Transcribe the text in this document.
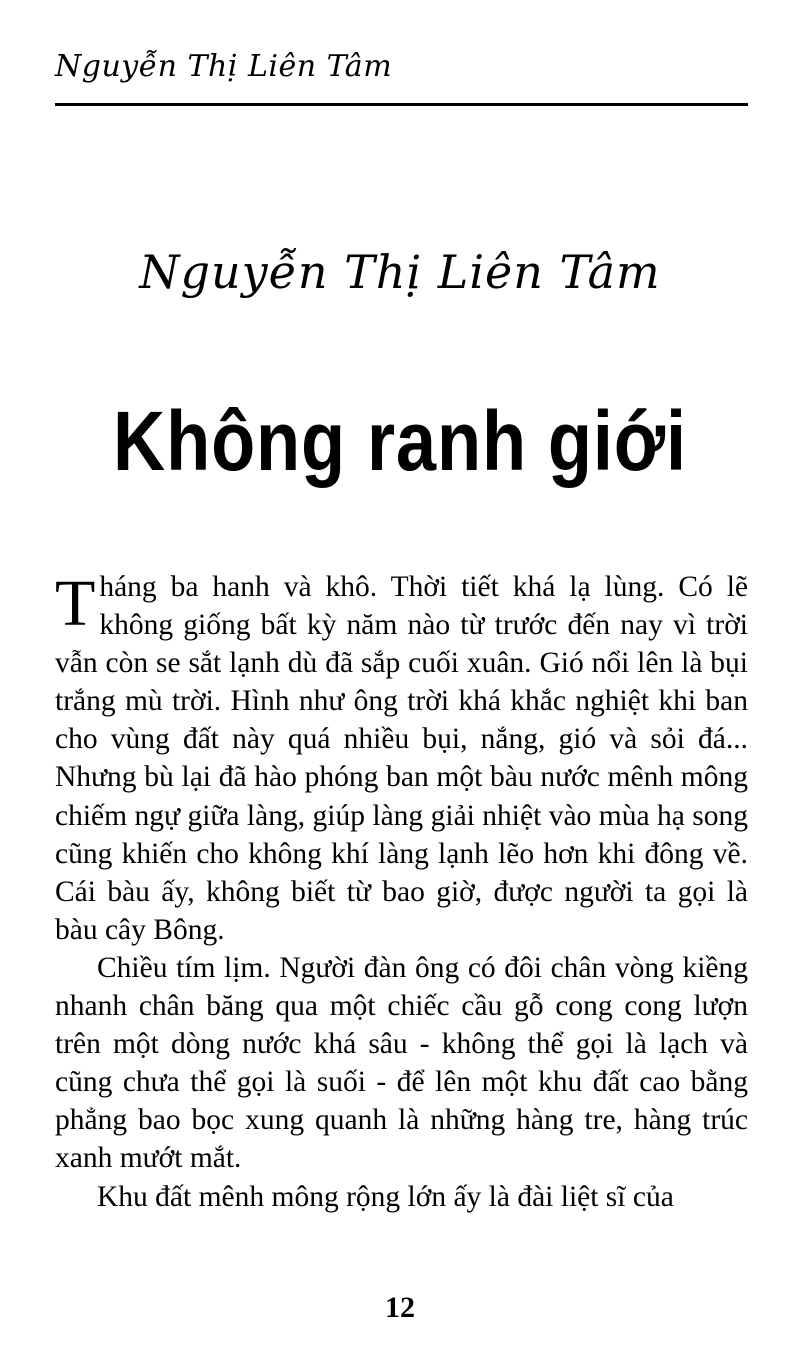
Nguyễn Thị Liên Tâm
Nguyễn Thị Liên Tâm
Không ranh giới

Tháng ba hanh và khô. Thời tiết khá lạ lùng. Có lẽ không giống bất kỳ năm nào từ trước đến nay vì trời vẫn còn se sắt lạnh dù đã sắp cuối xuân. Gió nổi lên là bụi trắng mù trời. Hình như ông trời khá khắc nghiệt khi ban cho vùng đất này quá nhiều bụi, nắng, gió và sỏi đá... Nhưng bù lại đã hào phóng ban một bàu nước mênh mông chiếm ngự giữa làng, giúp làng giải nhiệt vào mùa hạ song cũng khiến cho không khí làng lạnh lẽo hơn khi đông về. Cái bàu ấy, không biết từ bao giờ, được người ta gọi là bàu cây Bông.

Chiều tím lịm. Người đàn ông có đôi chân vòng kiềng nhanh chân băng qua một chiếc cầu gỗ cong cong lượn trên một dòng nước khá sâu - không thể gọi là lạch và cũng chưa thể gọi là suối - để lên một khu đất cao bằng phẳng bao bọc xung quanh là những hàng tre, hàng trúc xanh mướt mắt.

Khu đất mênh mông rộng lớn ấy là đài liệt sĩ của

12
